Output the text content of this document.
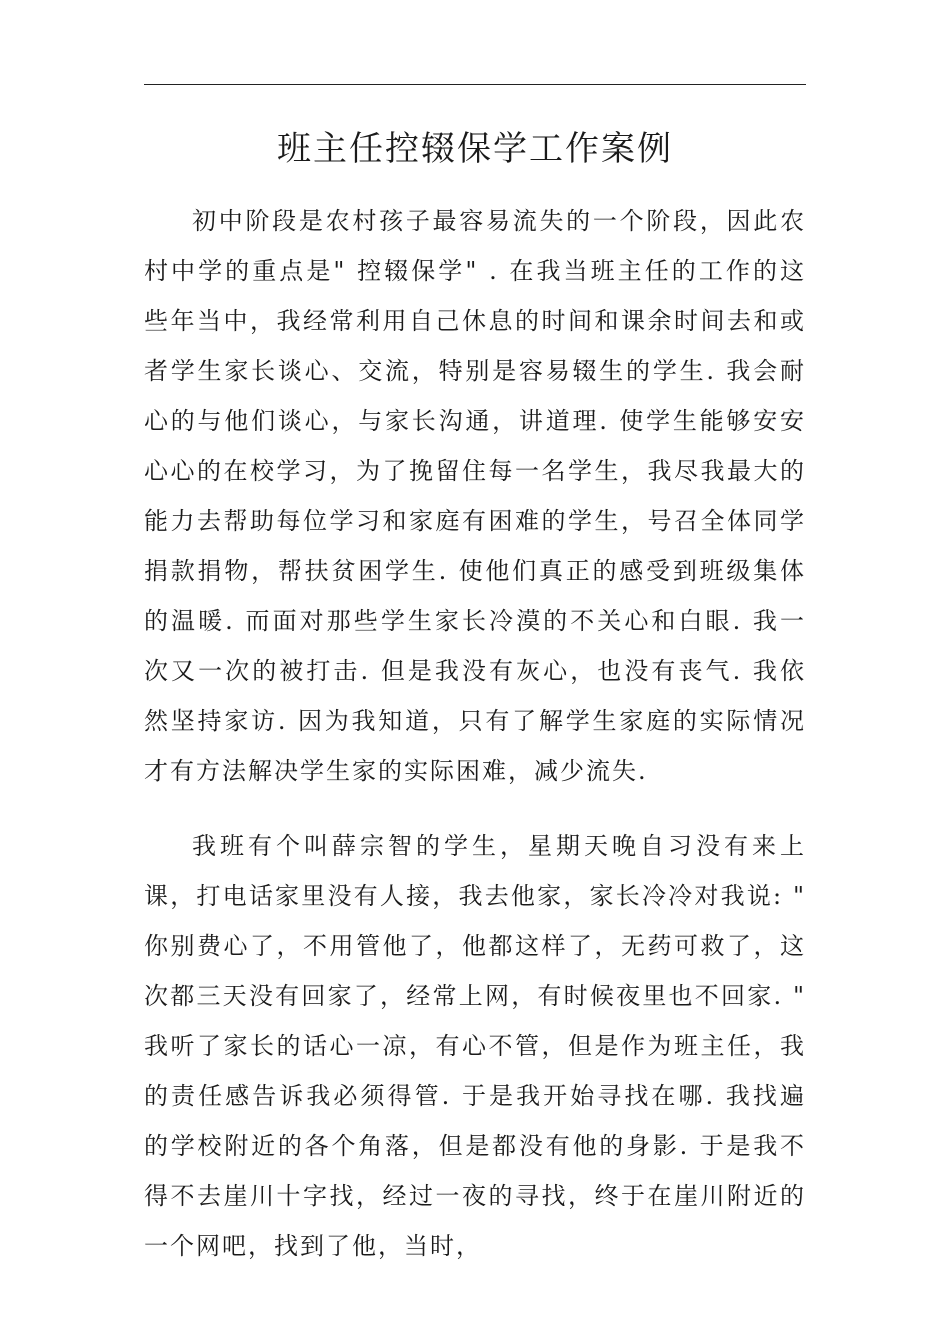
班主任控辍保学工作案例

初中阶段是农村孩子最容易流失的一个阶段，因此农村中学的重点是" 控辍保学" . 在我当班主任的工作的这些年当中，我经常利用自己休息的时间和课余时间去和或者学生家长谈心、交流，特别是容易辍生的学生. 我会耐心的与他们谈心，与家长沟通，讲道理. 使学生能够安安心心的在校学习，为了挽留住每一名学生，我尽我最大的能力去帮助每位学习和家庭有困难的学生，号召全体同学捐款捐物，帮扶贫困学生. 使他们真正的感受到班级集体的温暖. 而面对那些学生家长冷漠的不关心和白眼. 我一次又一次的被打击. 但是我没有灰心，也没有丧气. 我依然坚持家访. 因为我知道，只有了解学生家庭的实际情况才有方法解决学生家的实际困难，减少流失.

我班有个叫薛宗智的学生，星期天晚自习没有来上课，打电话家里没有人接，我去他家，家长冷冷对我说: " 你别费心了，不用管他了，他都这样了，无药可救了，这次都三天没有回家了，经常上网，有时候夜里也不回家. " 我听了家长的话心一凉，有心不管，但是作为班主任，我的责任感告诉我必须得管. 于是我开始寻找在哪. 我找遍的学校附近的各个角落，但是都没有他的身影. 于是我不得不去崖川十字找，经过一夜的寻找，终于在崖川附近的一个网吧，找到了他，当时，
